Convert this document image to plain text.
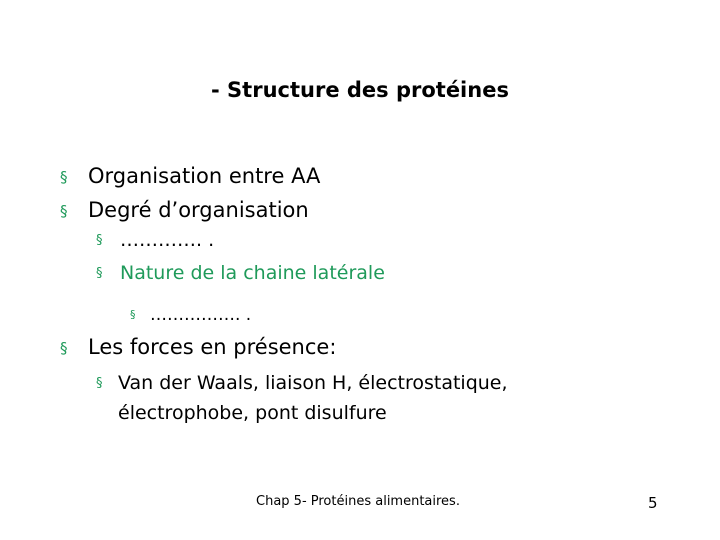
- Structure des protéines
§ Organisation entre AA
§ Degré d’organisation
§ …………. .
§ Nature de la chaine latérale
§ ……………. .
§ Les forces en présence:
§ Van der Waals, liaison H, électrostatique, électrophobe, pont disulfure
Chap 5- Protéines alimentaires.	5
